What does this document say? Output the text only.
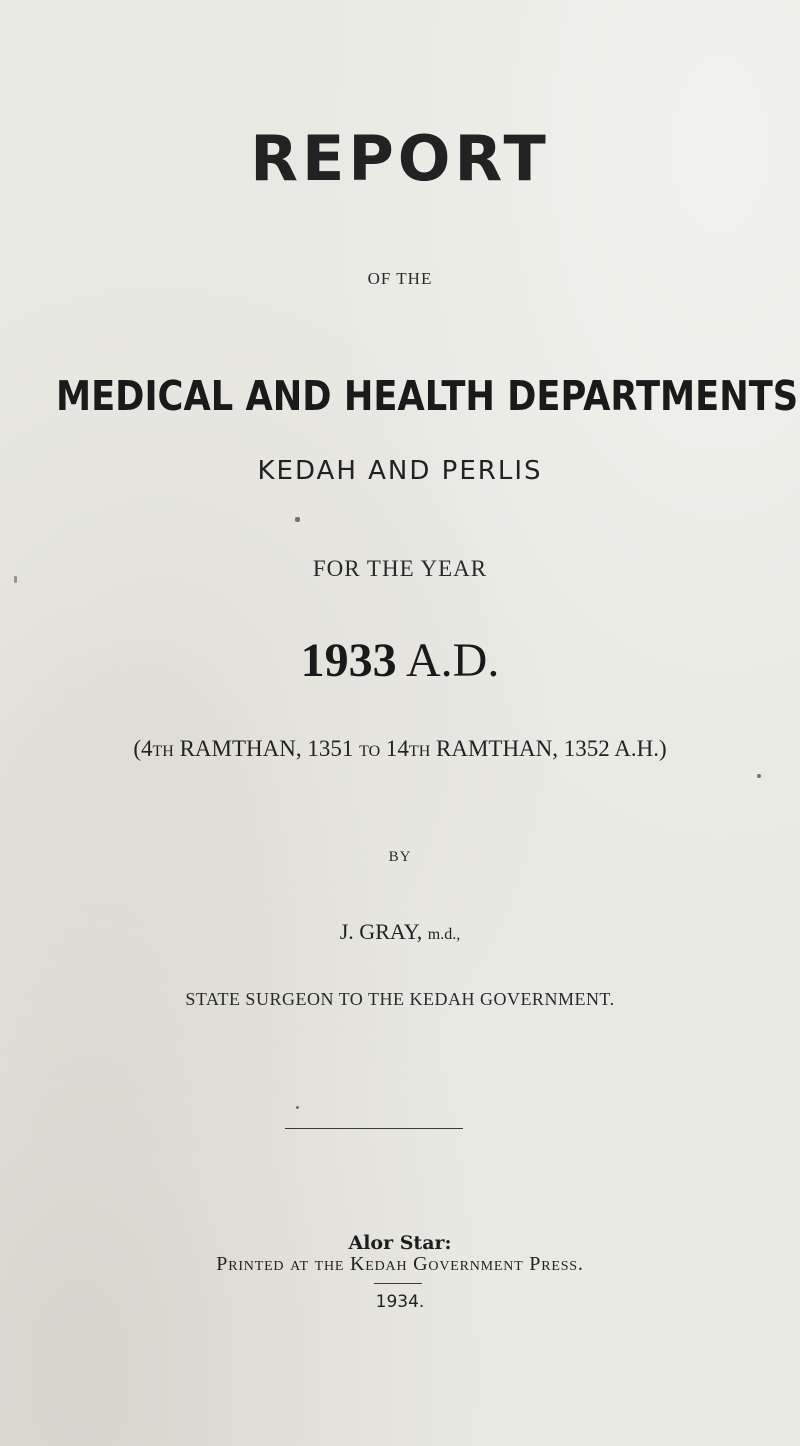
REPORT
OF THE
MEDICAL AND HEALTH DEPARTMENTS
KEDAH AND PERLIS
FOR THE YEAR
1933 A.D.
(4th RAMTHAN, 1351 to 14th RAMTHAN, 1352 A.H.)
BY
J. GRAY, m.d.,
STATE SURGEON TO THE KEDAH GOVERNMENT.
Alor Star:
Printed at the Kedah Government Press.
1934.
